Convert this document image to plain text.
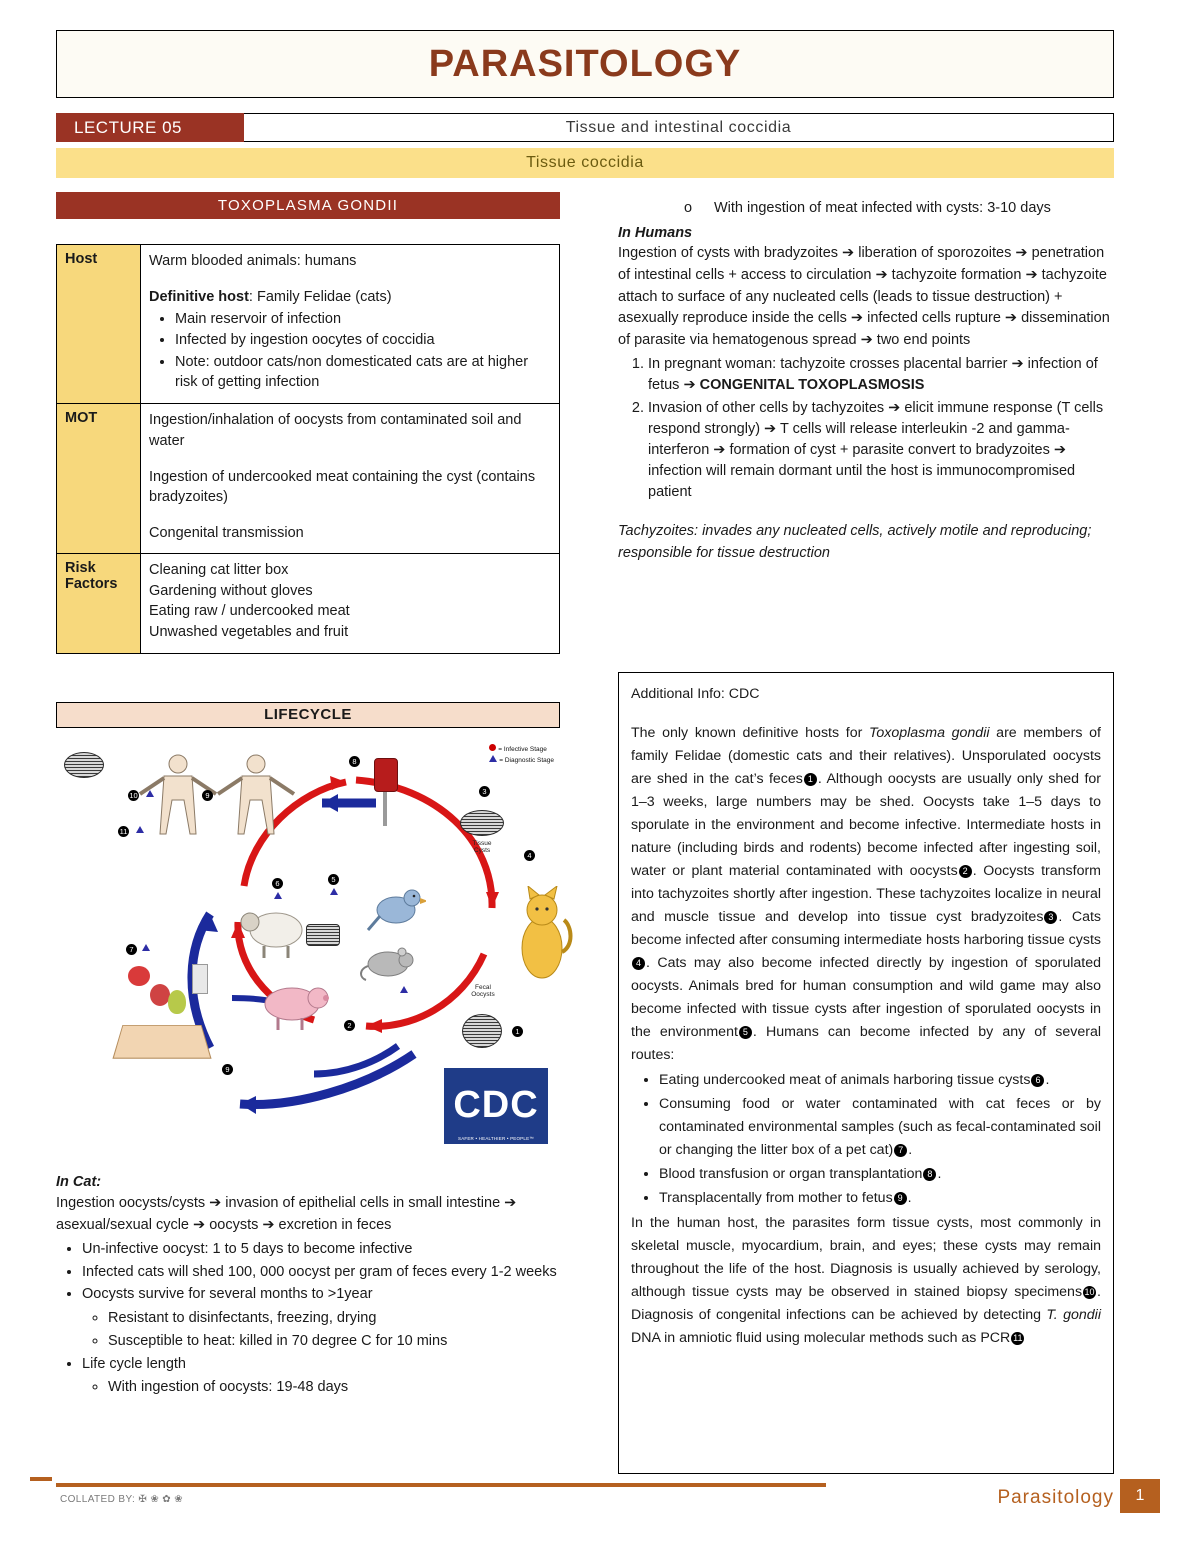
PARASITOLOGY
LECTURE 05	Tissue and intestinal coccidia
Tissue coccidia
TOXOPLASMA GONDII
Host	Warm blooded animals: humans
Definitive host: Family Felidae (cats)
• Main reservoir of infection
• Infected by ingestion oocytes of coccidia
• Note: outdoor cats/non domesticated cats are at higher risk of getting infection

MOT	Ingestion/inhalation of oocysts from contaminated soil and water
Ingestion of undercooked meat containing the cyst (contains bradyzoites)
Congenital transmission
Risk Factors	Cleaning cat litter box
Gardening without gloves
Eating raw / undercooked meat
Unwashed vegetables and fruit
LIFECYCLE
= Infective Stage
= Diagnostic Stage
8
3
Tissue
Cysts	4
Fecal
Oocysts
1
5
2
7
9
9
10
11
6
CDC
SAFER • HEALTHIER • PEOPLE™
In Cat:
Ingestion oocysts/cysts ➔ invasion of epithelial cells in small intestine ➔ asexual/sexual cycle ➔ oocysts ➔ excretion in feces
• Un-infective oocyst: 1 to 5 days to become infective
• Infected cats will shed 100, 000 oocyst per gram of feces every 1-2 weeks
• Oocysts survive for several months to >1year
◦ Resistant to disinfectants, freezing, drying
◦ Susceptible to heat: killed in 70 degree C for 10 mins
• Life cycle length
◦ With ingestion of oocysts: 19-48 days
o With ingestion of meat infected with cysts: 3-10 days
In Humans
Ingestion of cysts with bradyzoites ➔ liberation of sporozoites ➔ penetration of intestinal cells + access to circulation ➔ tachyzoite formation ➔ tachyzoite attach to surface of any nucleated cells (leads to tissue destruction) + asexually reproduce inside the cells ➔ infected cells rupture ➔ dissemination of parasite via hematogenous spread ➔ two end points
1. In pregnant woman: tachyzoite crosses placental barrier ➔ infection of fetus ➔ CONGENITAL TOXOPLASMOSIS
2. Invasion of other cells by tachyzoites ➔ elicit immune response (T cells respond strongly) ➔ T cells will release interleukin -2 and gamma-interferon ➔ formation of cyst + parasite convert to bradyzoites ➔ infection will remain dormant until the host is immunocompromised patient
Tachyzoites: invades any nucleated cells, actively motile and reproducing; responsible for tissue destruction
Additional Info: CDC
The only known definitive hosts for Toxoplasma gondii are members of family Felidae (domestic cats and their relatives). Unsporulated oocysts are shed in the cat’s feces 1 . Although oocysts are usually only shed for 1–3 weeks, large numbers may be shed. Oocysts take 1–5 days to sporulate in the environment and become infective. Intermediate hosts in nature (including birds and rodents) become infected after ingesting soil, water or plant material contaminated with oocysts 2 . Oocysts transform into tachyzoites shortly after ingestion. These tachyzoites localize in neural and muscle tissue and develop into tissue cyst bradyzoites 3 . Cats become infected after consuming intermediate hosts harboring tissue cysts4 . Cats may also become infected directly by ingestion of sporulated oocysts. Animals bred for human consumption and wild game may also become infected with tissue cysts after ingestion of sporulated oocysts in the environment 5 . Humans can become infected by any of several routes:
• Eating undercooked meat of animals harboring tissue cysts 6 .
• Consuming food or water contaminated with cat feces or by contaminated environmental samples (such as fecal-contaminated soil or changing the litter box of a pet cat) 7 .
• Blood transfusion or organ transplantation 8 .
• Transplacentally from mother to fetus 9 .
In the human host, the parasites form tissue cysts, most commonly in skeletal muscle, myocardium, brain, and eyes; these cysts may remain throughout the life of the host. Diagnosis is usually achieved by serology, although tissue cysts may be observed in stained biopsy specimens 10 . Diagnosis of congenital infections can be achieved by detecting T. gondii DNA in amniotic fluid using molecular methods such as PCR 11
COLLATED BY: ✠ ❀ ✿ ❀	Parasitology	1
